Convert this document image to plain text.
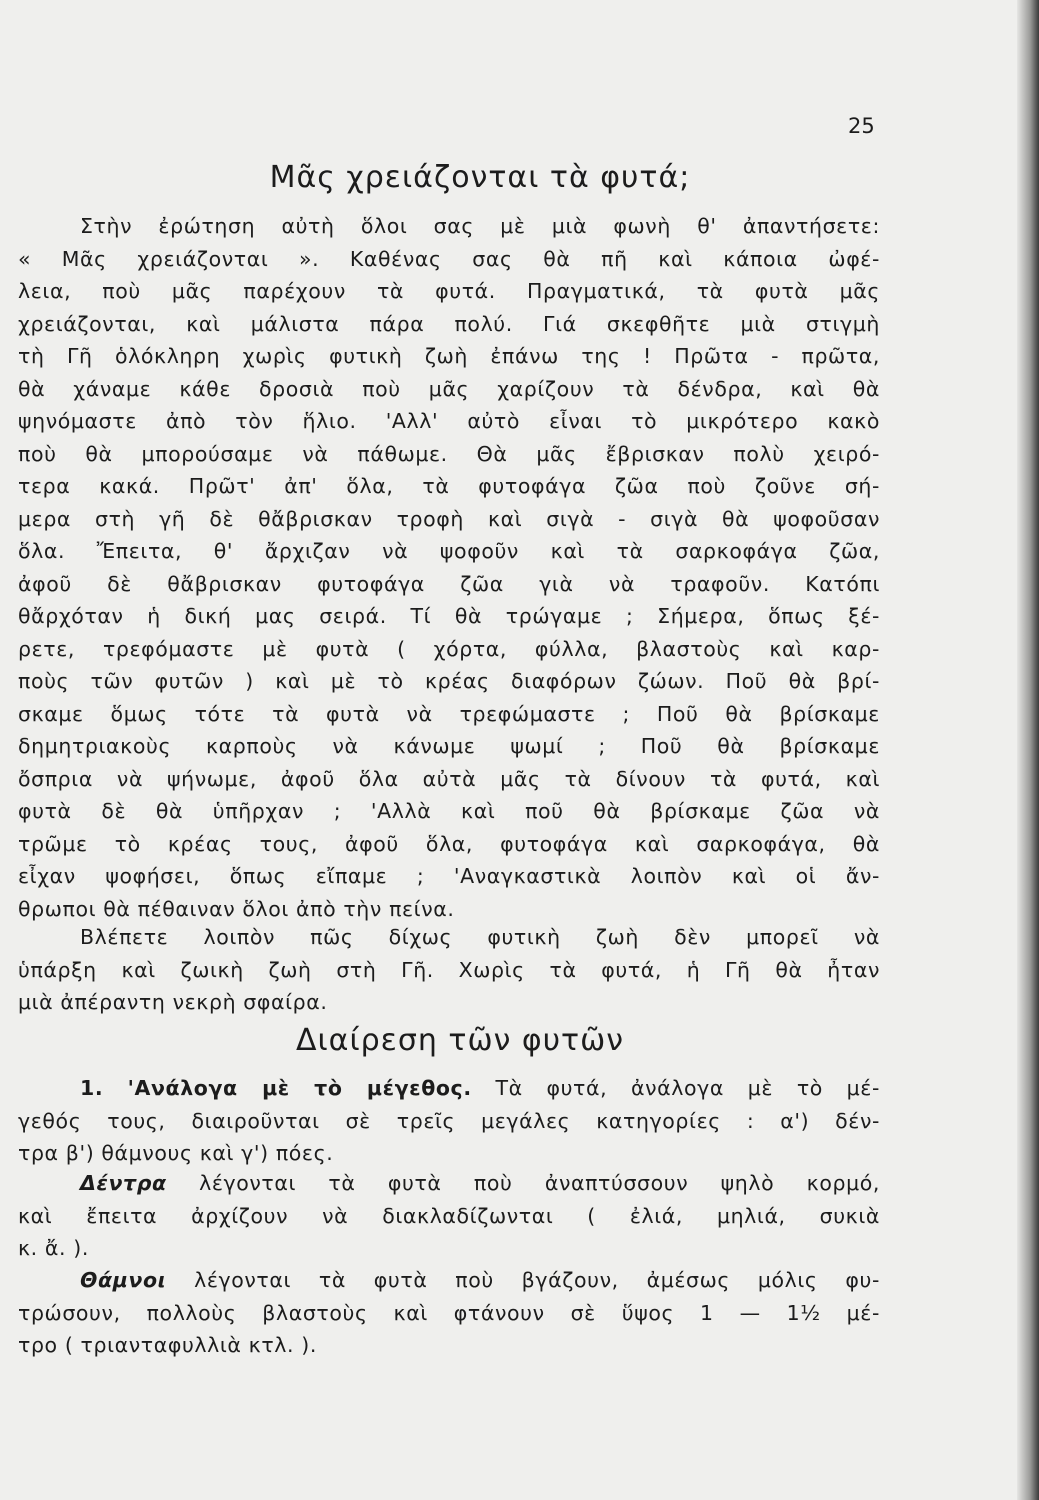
25
Μᾶς χρειάζονται τὰ φυτά;
Στὴν ἐρώτηση αὐτὴ ὅλοι σας μὲ μιὰ φωνὴ θ' ἀπαντήσετε:
« Μᾶς χρειάζονται ». Καθένας σας θὰ πῆ καὶ κάποια ὠφέ-
λεια, ποὺ μᾶς παρέχουν τὰ φυτά. Πραγματικά, τὰ φυτὰ μᾶς
χρειάζονται, καὶ μάλιστα πάρα πολύ. Γιά σκεφθῆτε μιὰ στιγμὴ
τὴ Γῆ ὁλόκληρη χωρὶς φυτικὴ ζωὴ ἐπάνω της ! Πρῶτα - πρῶτα,
θὰ χάναμε κάθε δροσιὰ ποὺ μᾶς χαρίζουν τὰ δένδρα, καὶ θὰ
ψηνόμαστε ἀπὸ τὸν ἥλιο. 'Αλλ' αὐτὸ εἶναι τὸ μικρότερο κακὸ
ποὺ θὰ μπορούσαμε νὰ πάθωμε. Θὰ μᾶς ἔβρισκαν πολὺ χειρό-
τερα κακά. Πρῶτ' ἀπ' ὅλα, τὰ φυτοφάγα ζῶα ποὺ ζοῦνε σή-
μερα στὴ γῆ δὲ θἄβρισκαν τροφὴ καὶ σιγὰ - σιγὰ θὰ ψοφοῦσαν
ὅλα. Ἔπειτα, θ' ἄρχιζαν νὰ ψοφοῦν καὶ τὰ σαρκοφάγα ζῶα,
ἀφοῦ δὲ θἄβρισκαν φυτοφάγα ζῶα γιὰ νὰ τραφοῦν. Κατόπι
θἄρχόταν ἡ δική μας σειρά. Τί θὰ τρώγαμε ; Σήμερα, ὅπως ξέ-
ρετε, τρεφόμαστε μὲ φυτὰ ( χόρτα, φύλλα, βλαστοὺς καὶ καρ-
ποὺς τῶν φυτῶν ) καὶ μὲ τὸ κρέας διαφόρων ζώων. Ποῦ θὰ βρί-
σκαμε ὅμως τότε τὰ φυτὰ νὰ τρεφώμαστε ; Ποῦ θὰ βρίσκαμε
δημητριακοὺς καρποὺς νὰ κάνωμε ψωμί ; Ποῦ θὰ βρίσκαμε
ὄσπρια νὰ ψήνωμε, ἀφοῦ ὅλα αὐτὰ μᾶς τὰ δίνουν τὰ φυτά, καὶ
φυτὰ δὲ θὰ ὑπῆρχαν ; 'Αλλὰ καὶ ποῦ θὰ βρίσκαμε ζῶα νὰ
τρῶμε τὸ κρέας τους, ἀφοῦ ὅλα, φυτοφάγα καὶ σαρκοφάγα, θὰ
εἶχαν ψοφήσει, ὅπως εἴπαμε ; 'Αναγκαστικὰ λοιπὸν καὶ οἱ ἄν-
θρωποι θὰ πέθαιναν ὅλοι ἀπὸ τὴν πείνα.
Βλέπετε λοιπὸν πῶς δίχως φυτικὴ ζωὴ δὲν μπορεῖ νὰ
ὑπάρξη καὶ ζωικὴ ζωὴ στὴ Γῆ. Χωρὶς τὰ φυτά, ἡ Γῆ θὰ ἦταν
μιὰ ἀπέραντη νεκρὴ σφαίρα.
Διαίρεση τῶν φυτῶν
1. 'Ανάλογα μὲ τὸ μέγεθος. Τὰ φυτά, ἀνάλογα μὲ τὸ μέ-
γεθός τους, διαιροῦνται σὲ τρεῖς μεγάλες κατηγορίες : α') δέν-
τρα β') θάμνους καὶ γ') πόες.
Δέντρα λέγονται τὰ φυτὰ ποὺ ἀναπτύσσουν ψηλὸ κορμό,
καὶ ἔπειτα ἀρχίζουν νὰ διακλαδίζωνται ( ἐλιά, μηλιά, συκιὰ
κ. ἄ. ).
Θάμνοι λέγονται τὰ φυτὰ ποὺ βγάζουν, ἀμέσως μόλις φυ-
τρώσουν, πολλοὺς βλαστοὺς καὶ φτάνουν σὲ ὕψος 1 — 1½ μέ-
τρο ( τριανταφυλλιὰ κτλ. ).
